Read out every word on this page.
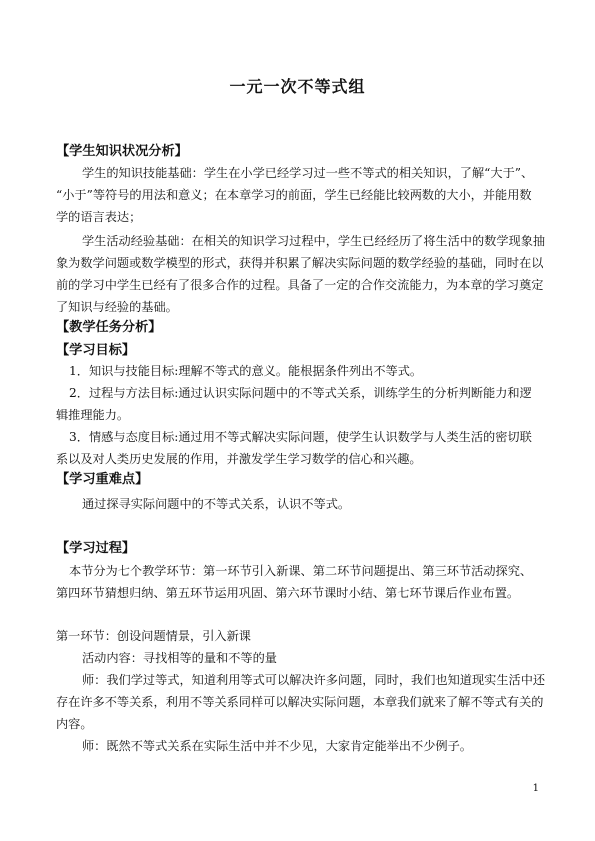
一元一次不等式组
【学生知识状况分析】
学生的知识技能基础：学生在小学已经学习过一些不等式的相关知识，了解“大于”、
“小于”等符号的用法和意义；在本章学习的前面，学生已经能比较两数的大小，并能用数
学的语言表达；
学生活动经验基础：在相关的知识学习过程中，学生已经经历了将生活中的数学现象抽
象为数学问题或数学模型的形式，获得并积累了解决实际问题的数学经验的基础，同时在以
前的学习中学生已经有了很多合作的过程。具备了一定的合作交流能力，为本章的学习奠定
了知识与经验的基础。
【教学任务分析】
【学习目标】
1．知识与技能目标:理解不等式的意义。能根据条件列出不等式。
2．过程与方法目标:通过认识实际问题中的不等式关系，训练学生的分析判断能力和逻
辑推理能力。
3．情感与态度目标:通过用不等式解决实际问题，使学生认识数学与人类生活的密切联
系以及对人类历史发展的作用，并激发学生学习数学的信心和兴趣。
【学习重难点】
通过探寻实际问题中的不等式关系，认识不等式。
【学习过程】
本节分为七个教学环节：第一环节引入新课、第二环节问题提出、第三环节活动探究、
第四环节猜想归纳、第五环节运用巩固、第六环节课时小结、第七环节课后作业布置。
第一环节：创设问题情景，引入新课
活动内容：寻找相等的量和不等的量
师：我们学过等式，知道利用等式可以解决许多问题，同时，我们也知道现实生活中还
存在许多不等关系，利用不等关系同样可以解决实际问题，本章我们就来了解不等式有关的
内容。
师：既然不等式关系在实际生活中并不少见，大家肯定能举出不少例子。
1
